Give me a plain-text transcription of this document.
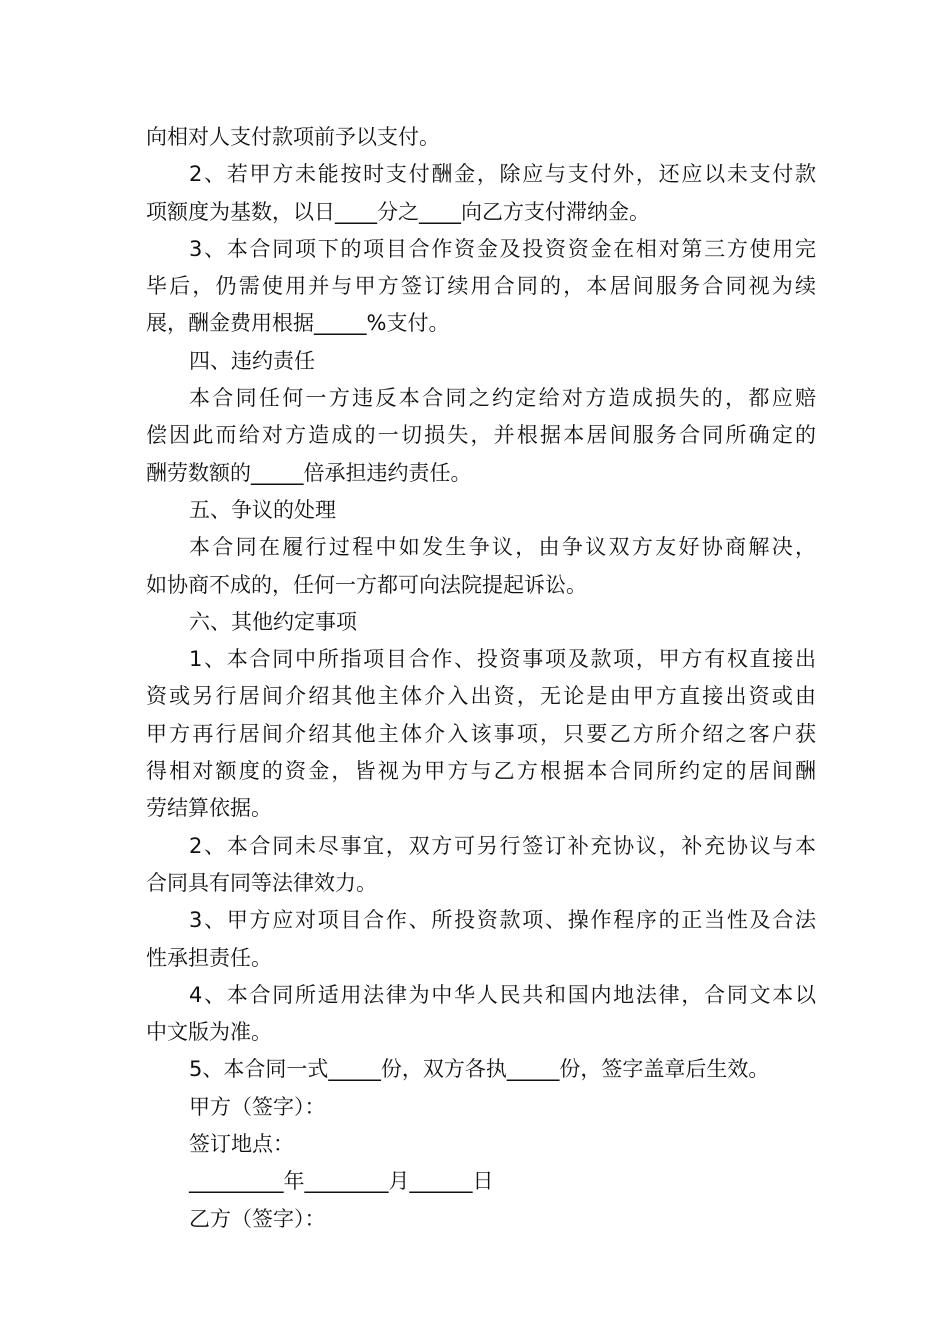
向相对人支付款项前予以支付。
2、若甲方未能按时支付酬金，除应与支付外，还应以未支付款
项额度为基数，以日____分之____向乙方支付滞纳金。
3、本合同项下的项目合作资金及投资资金在相对第三方使用完
毕后，仍需使用并与甲方签订续用合同的，本居间服务合同视为续
展，酬金费用根据_____%支付。
四、违约责任
本合同任何一方违反本合同之约定给对方造成损失的，都应赔
偿因此而给对方造成的一切损失，并根据本居间服务合同所确定的
酬劳数额的_____倍承担违约责任。
五、争议的处理
本合同在履行过程中如发生争议，由争议双方友好协商解决，
如协商不成的，任何一方都可向法院提起诉讼。
六、其他约定事项
1、本合同中所指项目合作、投资事项及款项，甲方有权直接出
资或另行居间介绍其他主体介入出资，无论是由甲方直接出资或由
甲方再行居间介绍其他主体介入该事项，只要乙方所介绍之客户获
得相对额度的资金，皆视为甲方与乙方根据本合同所约定的居间酬
劳结算依据。
2、本合同未尽事宜，双方可另行签订补充协议，补充协议与本
合同具有同等法律效力。
3、甲方应对项目合作、所投资款项、操作程序的正当性及合法
性承担责任。
4、本合同所适用法律为中华人民共和国内地法律，合同文本以
中文版为准。
5、本合同一式_____份，双方各执_____份，签字盖章后生效。
甲方（签字）：
签订地点：
_________年________月______日
乙方（签字）：
